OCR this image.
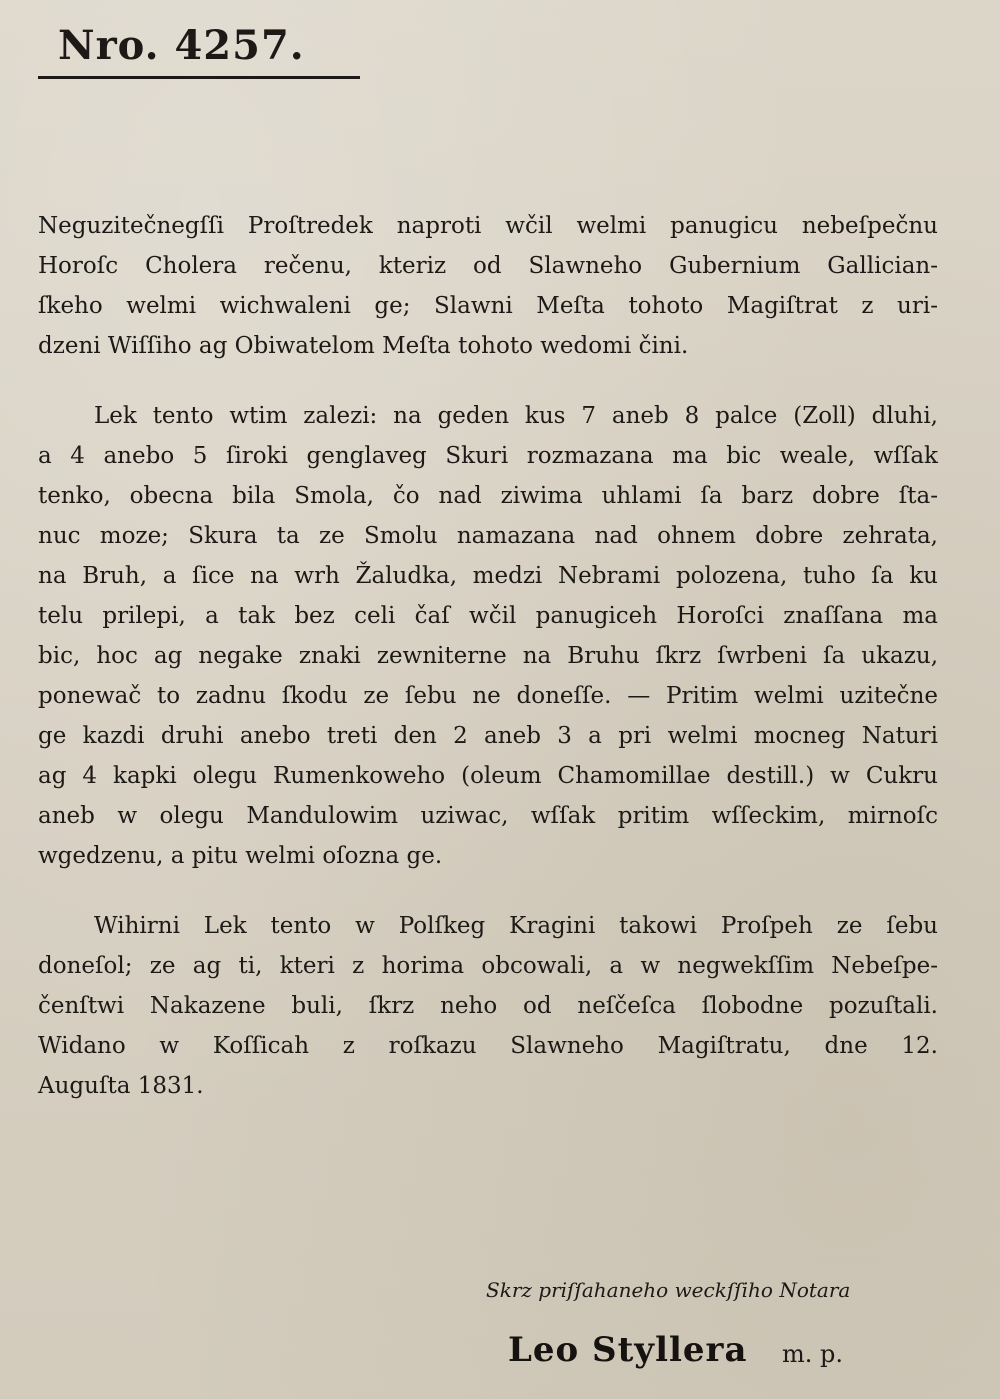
Nro. 4257.
Neguzitečnegſſi Proſtredek naproti wčil welmi panugicu nebeſpečnu
Horoſc Cholera rečenu, kteriz od Slawneho Gubernium Gallician-
ſkeho welmi wichwaleni ge; Slawni Meſta tohoto Magiſtrat z uri-
dzeni Wiſſiho ag Obiwatelom Meſta tohoto wedomi čini.
Lek tento wtim zalezi: na geden kus 7 aneb 8 palce (Zoll) dluhi,
a 4 anebo 5 ſiroki genglaveg Skuri rozmazana ma bic weale, wſſak
tenko, obecna bila Smola, čo nad ziwima uhlami ſa barz dobre ſta-
nuc moze; Skura ta ze Smolu namazana nad ohnem dobre zehrata,
na Bruh, a ſice na wrh Žaludka, medzi Nebrami polozena, tuho ſa ku
telu prilepi, a tak bez celi čaſ wčil panugiceh Horoſci znaſſana ma
bic, hoc ag negake znaki zewniterne na Bruhu ſkrz ſwrbeni ſa ukazu,
ponewač to zadnu ſkodu ze ſebu ne doneſſe. — Pritim welmi uzitečne
ge kazdi druhi anebo treti den 2 aneb 3 a pri welmi mocneg Naturi
ag 4 kapki olegu Rumenkoweho (oleum Chamomillae destill.) w Cukru
aneb w olegu Mandulowim uziwac, wſſak pritim wſſeckim, mirnoſc
wgedzenu, a pitu welmi oſozna ge.
Wihirni Lek tento w Polſkeg Kragini takowi Proſpeh ze ſebu
doneſol; ze ag ti, kteri z horima obcowali, a w negwekſſim Nebeſpe-
čenſtwi Nakazene buli, ſkrz neho od neſčeſca ſlobodne pozuſtali.
Widano w Koſſicah z roſkazu Slawneho Magiſtratu, dne 12.
Auguſta 1831.
Skrz priſſahaneho weckſſiho Notara
Leo Styllera m. p.
